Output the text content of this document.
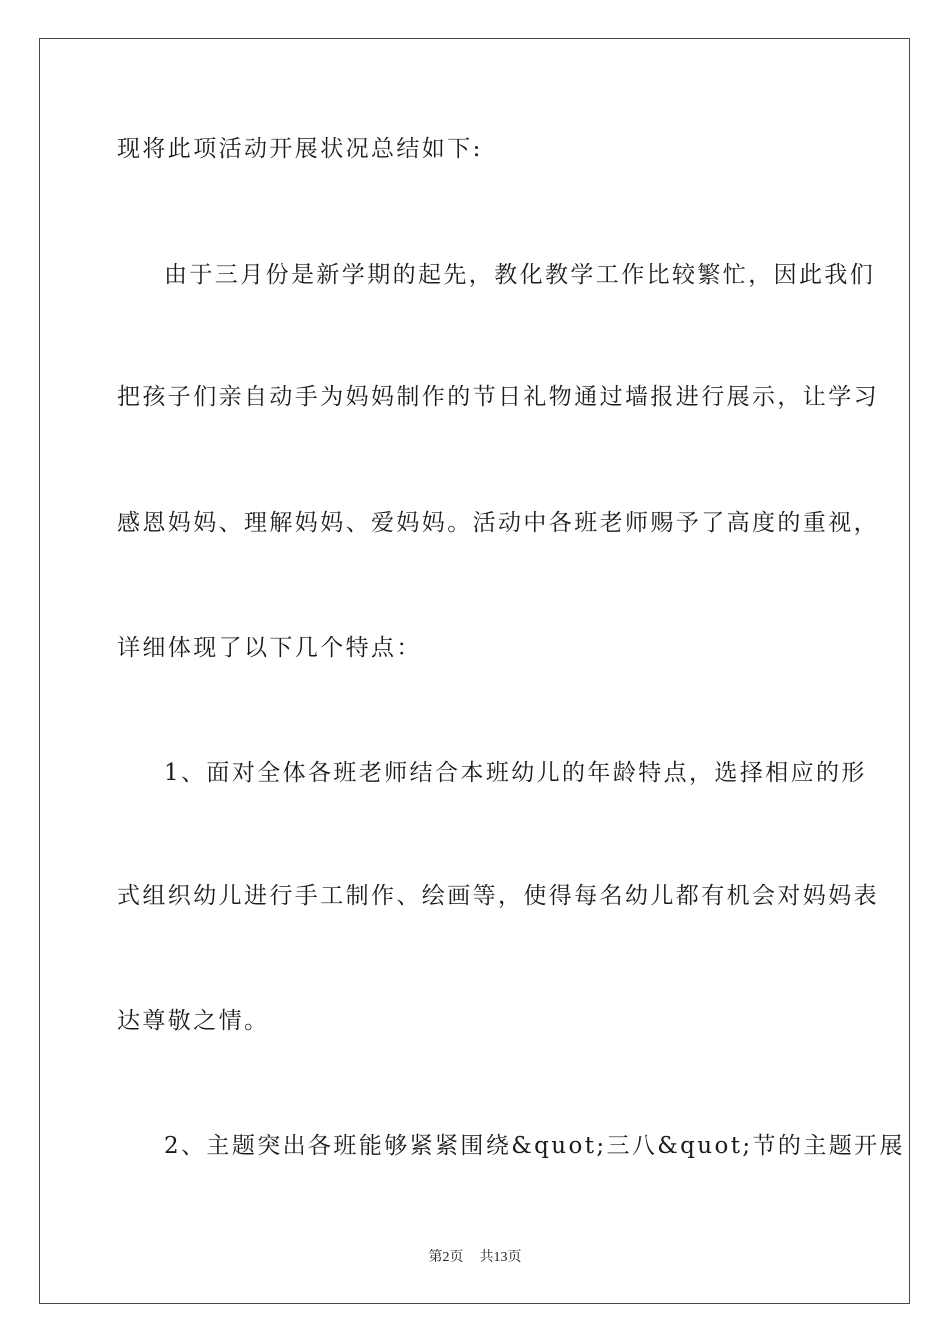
现将此项活动开展状况总结如下:
由于三月份是新学期的起先，教化教学工作比较繁忙，因此我们
把孩子们亲自动手为妈妈制作的节日礼物通过墙报进行展示，让学习
感恩妈妈、理解妈妈、爱妈妈。活动中各班老师赐予了高度的重视，
详细体现了以下几个特点：
1、面对全体各班老师结合本班幼儿的年龄特点，选择相应的形
式组织幼儿进行手工制作、绘画等，使得每名幼儿都有机会对妈妈表
达尊敬之情。
2、主题突出各班能够紧紧围绕&quot;三八&quot;节的主题开展
第2页 共13页
